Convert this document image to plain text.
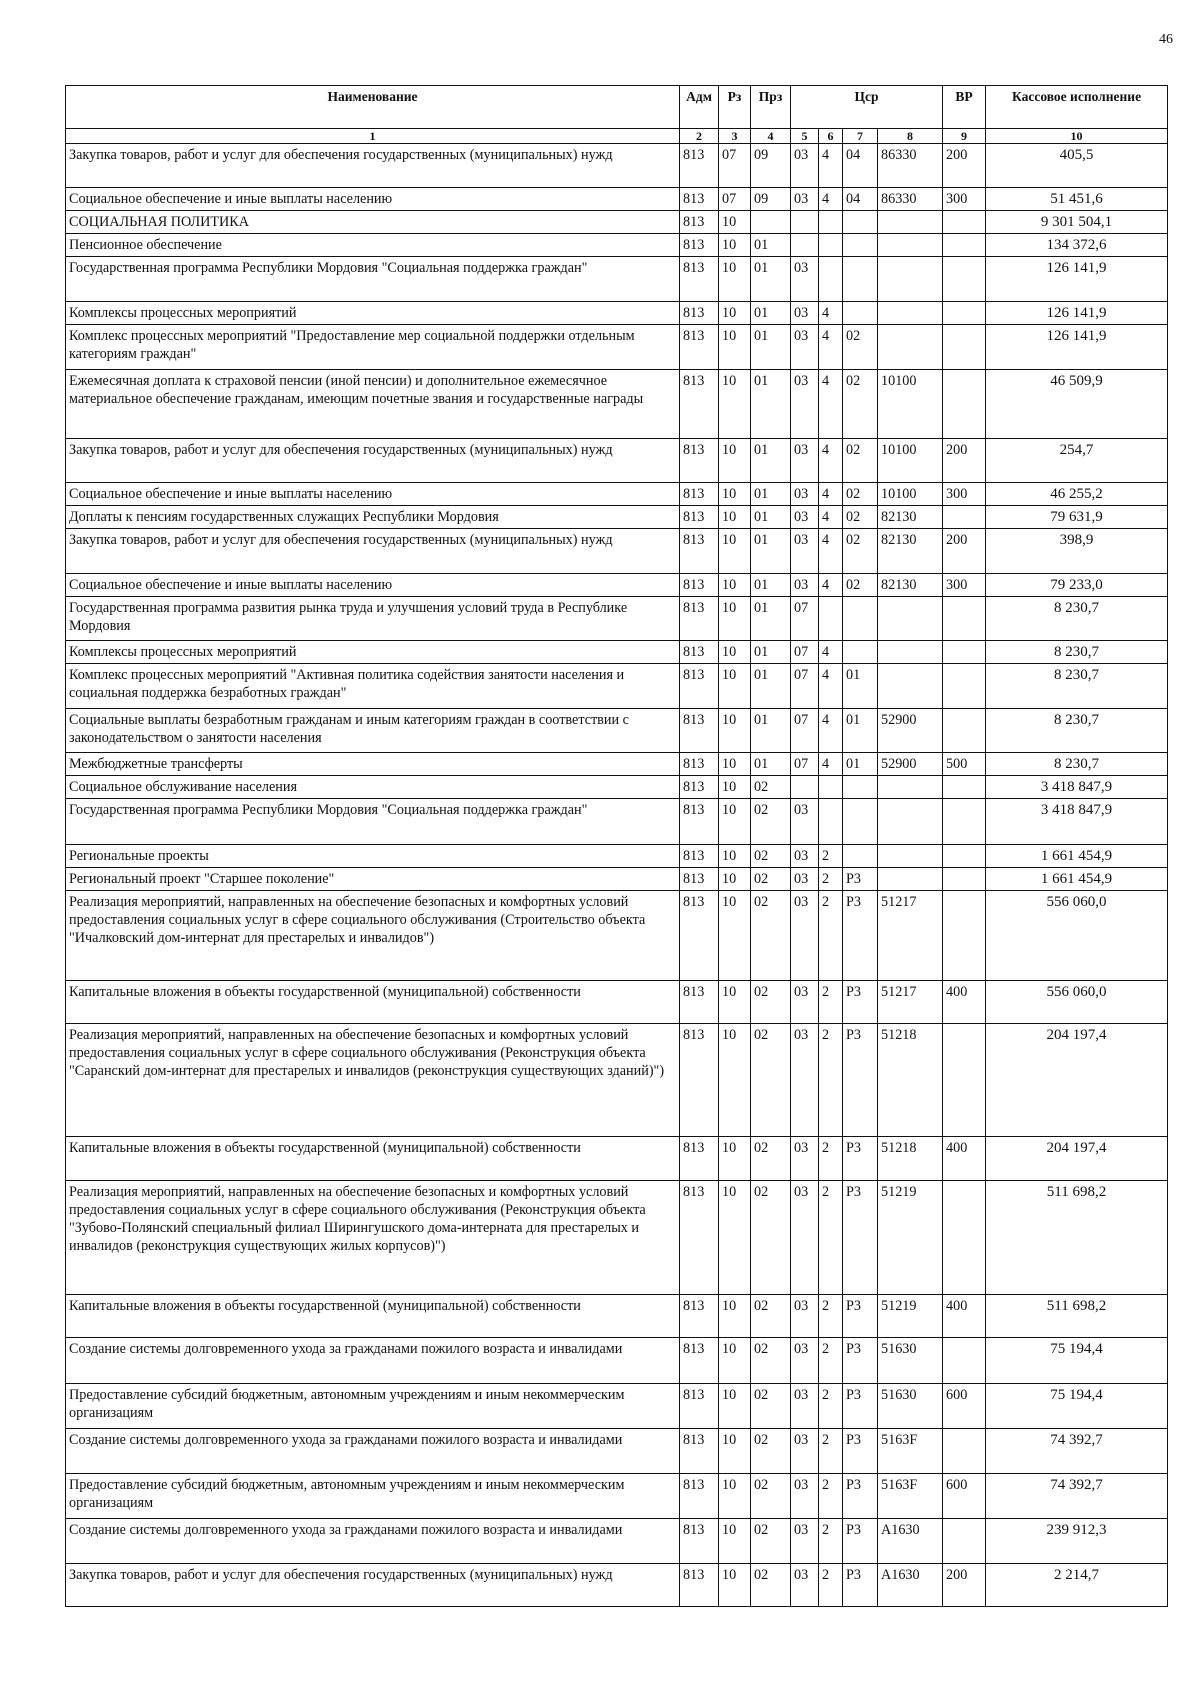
46
Наименование	Адм	Рз	Прз	Цср				ВР	Кассовое исполнение
1	2	3	4	5	6	7	8	9	10
Закупка товаров, работ и услуг для обеспечения государственных (муниципальных) нужд	813	07	09	03	4	04	86330	200	405,5
Социальное обеспечение и иные выплаты населению	813	07	09	03	4	04	86330	300	51 451,6
СОЦИАЛЬНАЯ ПОЛИТИКА	813	10							9 301 504,1
Пенсионное обеспечение	813	10	01						134 372,6
Государственная программа Республики Мордовия "Социальная поддержка граждан"	813	10	01	03					126 141,9
Комплексы процессных мероприятий	813	10	01	03	4				126 141,9
Комплекс процессных мероприятий "Предоставление мер социальной поддержки отдельным категориям граждан"	813	10	01	03	4	02			126 141,9
Ежемесячная доплата к страховой пенсии (иной пенсии) и дополнительное ежемесячное материальное обеспечение гражданам, имеющим почетные звания и государственные награды	813	10	01	03	4	02	10100		46 509,9
Закупка товаров, работ и услуг для обеспечения государственных (муниципальных) нужд	813	10	01	03	4	02	10100	200	254,7
Социальное обеспечение и иные выплаты населению	813	10	01	03	4	02	10100	300	46 255,2
Доплаты к пенсиям государственных служащих Республики Мордовия	813	10	01	03	4	02	82130		79 631,9
Закупка товаров, работ и услуг для обеспечения государственных (муниципальных) нужд	813	10	01	03	4	02	82130	200	398,9
Социальное обеспечение и иные выплаты населению	813	10	01	03	4	02	82130	300	79 233,0
Государственная программа развития рынка труда и улучшения условий труда в Республике Мордовия	813	10	01	07					8 230,7
Комплексы процессных мероприятий	813	10	01	07	4				8 230,7
Комплекс процессных мероприятий "Активная политика содействия занятости населения и социальная поддержка безработных граждан"	813	10	01	07	4	01			8 230,7
Социальные выплаты безработным гражданам и иным категориям граждан в соответствии с законодательством о занятости населения	813	10	01	07	4	01	52900		8 230,7
Межбюджетные трансферты	813	10	01	07	4	01	52900	500	8 230,7
Социальное обслуживание населения	813	10	02						3 418 847,9
Государственная программа Республики Мордовия "Социальная поддержка граждан"	813	10	02	03					3 418 847,9
Региональные проекты	813	10	02	03	2				1 661 454,9
Региональный проект "Старшее поколение"	813	10	02	03	2	P3			1 661 454,9
Реализация мероприятий, направленных на обеспечение безопасных и комфортных условий предоставления социальных услуг в сфере социального обслуживания (Строительство объекта "Ичалковский дом-интернат для престарелых и инвалидов")	813	10	02	03	2	P3	51217		556 060,0
Капитальные вложения в объекты государственной (муниципальной) собственности	813	10	02	03	2	P3	51217	400	556 060,0
Реализация мероприятий, направленных на обеспечение безопасных и комфортных условий предоставления социальных услуг в сфере социального обслуживания (Реконструкция объекта "Саранский дом-интернат для престарелых и инвалидов (реконструкция существующих зданий)")	813	10	02	03	2	P3	51218		204 197,4
Капитальные вложения в объекты государственной (муниципальной) собственности	813	10	02	03	2	P3	51218	400	204 197,4
Реализация мероприятий, направленных на обеспечение безопасных и комфортных условий предоставления социальных услуг в сфере социального обслуживания (Реконструкция объекта "Зубово-Полянский специальный филиал Ширингушского дома-интерната для престарелых и инвалидов (реконструкция существующих жилых корпусов)")	813	10	02	03	2	P3	51219		511 698,2
Капитальные вложения в объекты государственной (муниципальной) собственности	813	10	02	03	2	P3	51219	400	511 698,2
Создание системы долговременного ухода за гражданами пожилого возраста и инвалидами	813	10	02	03	2	P3	51630		75 194,4
Предоставление субсидий бюджетным, автономным учреждениям и иным некоммерческим организациям	813	10	02	03	2	P3	51630	600	75 194,4
Создание системы долговременного ухода за гражданами пожилого возраста и инвалидами	813	10	02	03	2	P3	5163F		74 392,7
Предоставление субсидий бюджетным, автономным учреждениям и иным некоммерческим организациям	813	10	02	03	2	P3	5163F	600	74 392,7
Создание системы долговременного ухода за гражданами пожилого возраста и инвалидами	813	10	02	03	2	P3	A1630		239 912,3
Закупка товаров, работ и услуг для обеспечения государственных (муниципальных) нужд	813	10	02	03	2	P3	A1630	200	2 214,7
